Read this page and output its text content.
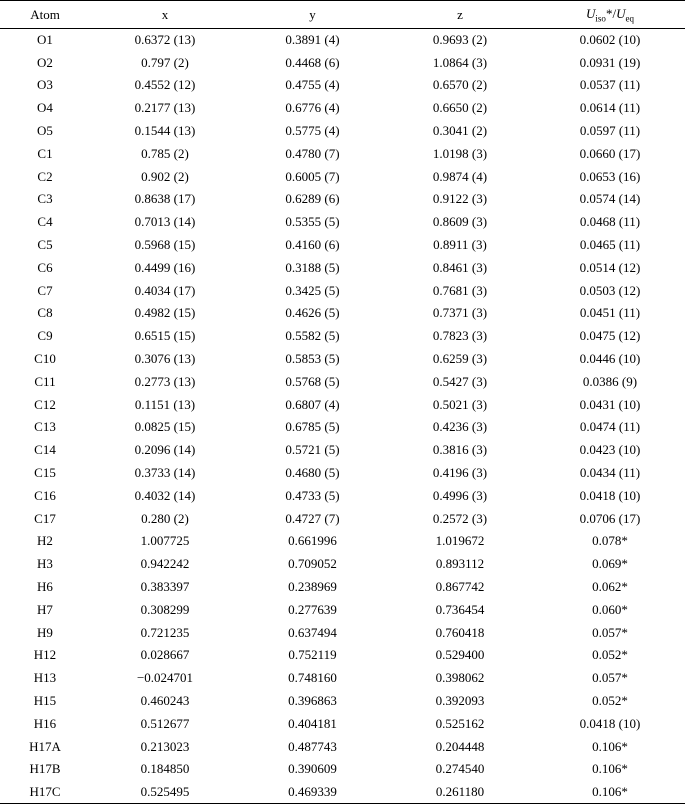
Atom	x	y	z	$U_{iso}*/U_{eq}$
O1	0.6372 (13)	0.3891 (4)	0.9693 (2)	0.0602 (10)
O2	0.797 (2)	0.4468 (6)	1.0864 (3)	0.0931 (19)
O3	0.4552 (12)	0.4755 (4)	0.6570 (2)	0.0537 (11)
O4	0.2177 (13)	0.6776 (4)	0.6650 (2)	0.0614 (11)
O5	0.1544 (13)	0.5775 (4)	0.3041 (2)	0.0597 (11)
C1	0.785 (2)	0.4780 (7)	1.0198 (3)	0.0660 (17)
C2	0.902 (2)	0.6005 (7)	0.9874 (4)	0.0653 (16)
C3	0.8638 (17)	0.6289 (6)	0.9122 (3)	0.0574 (14)
C4	0.7013 (14)	0.5355 (5)	0.8609 (3)	0.0468 (11)
C5	0.5968 (15)	0.4160 (6)	0.8911 (3)	0.0465 (11)
C6	0.4499 (16)	0.3188 (5)	0.8461 (3)	0.0514 (12)
C7	0.4034 (17)	0.3425 (5)	0.7681 (3)	0.0503 (12)
C8	0.4982 (15)	0.4626 (5)	0.7371 (3)	0.0451 (11)
C9	0.6515 (15)	0.5582 (5)	0.7823 (3)	0.0475 (12)
C10	0.3076 (13)	0.5853 (5)	0.6259 (3)	0.0446 (10)
C11	0.2773 (13)	0.5768 (5)	0.5427 (3)	0.0386 (9)
C12	0.1151 (13)	0.6807 (4)	0.5021 (3)	0.0431 (10)
C13	0.0825 (15)	0.6785 (5)	0.4236 (3)	0.0474 (11)
C14	0.2096 (14)	0.5721 (5)	0.3816 (3)	0.0423 (10)
C15	0.3733 (14)	0.4680 (5)	0.4196 (3)	0.0434 (11)
C16	0.4032 (14)	0.4733 (5)	0.4996 (3)	0.0418 (10)
C17	0.280 (2)	0.4727 (7)	0.2572 (3)	0.0706 (17)
H2	1.007725	0.661996	1.019672	0.078*
H3	0.942242	0.709052	0.893112	0.069*
H6	0.383397	0.238969	0.867742	0.062*
H7	0.308299	0.277639	0.736454	0.060*
H9	0.721235	0.637494	0.760418	0.057*
H12	0.028667	0.752119	0.529400	0.052*
H13	−0.024701	0.748160	0.398062	0.057*
H15	0.460243	0.396863	0.392093	0.052*
H16	0.512677	0.404181	0.525162	0.0418 (10)
H17A	0.213023	0.487743	0.204448	0.106*
H17B	0.184850	0.390609	0.274540	0.106*
H17C	0.525495	0.469339	0.261180	0.106*
